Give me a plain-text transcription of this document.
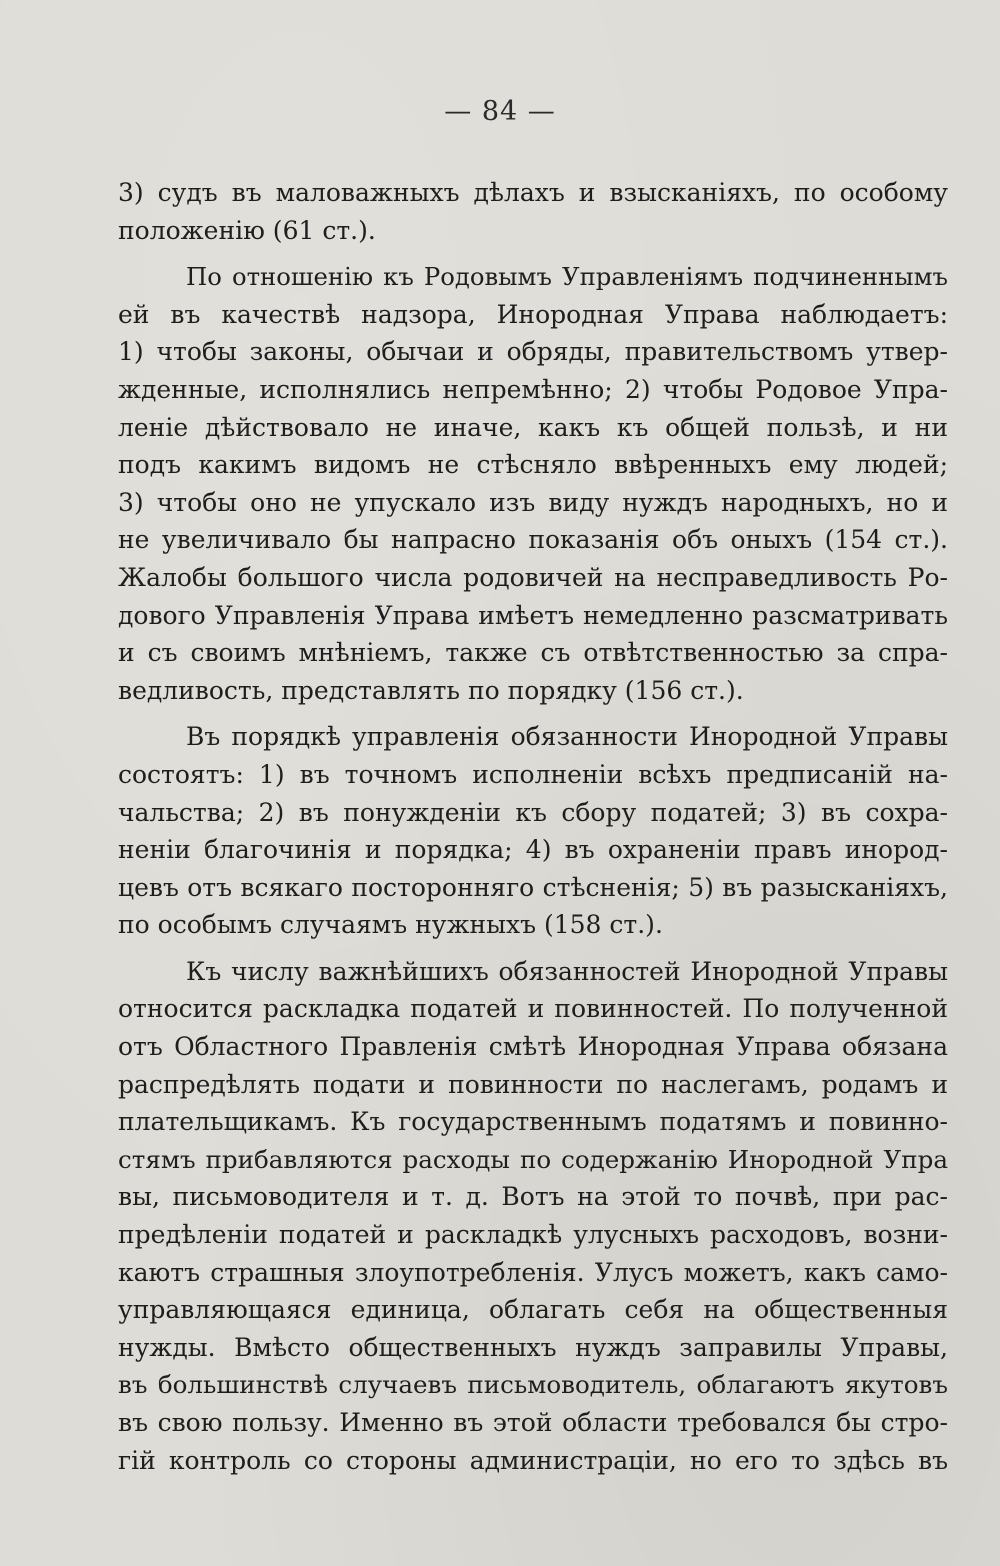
— 84 —
3) судъ въ маловажныхъ дѣлахъ и взысканiяхъ, по особому
положенiю (61 ст.).
По отношенiю къ Родовымъ Управленiямъ подчиненнымъ
ей въ качествѣ надзора, Инородная Управа наблюдаетъ:
1) чтобы законы, обычаи и обряды, правительствомъ утвер-
жденные, исполнялись непремѣнно; 2) чтобы Родовое Упра-
ленiе дѣйствовало не иначе, какъ къ общей пользѣ, и ни
подъ какимъ видомъ не стѣсняло ввѣренныхъ ему людей;
3) чтобы оно не упускало изъ виду нуждъ народныхъ, но и
не увеличивало бы напрасно показанiя объ оныхъ (154 ст.).
Жалобы большого числа родовичей на несправедливость Ро-
дового Управленiя Управа имѣетъ немедленно разсматривать
и съ своимъ мнѣнiемъ, также съ отвѣтственностью за спра-
ведливость, представлять по порядку (156 ст.).
Въ порядкѣ управленiя обязанности Инородной Управы
состоятъ: 1) въ точномъ исполненiи всѣхъ предписанiй на-
чальства; 2) въ понужденiи къ сбору податей; 3) въ сохра-
ненiи благочинiя и порядка; 4) въ охраненiи правъ инород-
цевъ отъ всякаго посторонняго стѣсненiя; 5) въ разысканiяхъ,
по особымъ случаямъ нужныхъ (158 ст.).
Къ числу важнѣйшихъ обязанностей Инородной Управы
относится раскладка податей и повинностей. По полученной
отъ Областного Правленiя смѣтѣ Инородная Управа обязана
распредѣлять подати и повинности по наслегамъ, родамъ и
плательщикамъ. Къ государственнымъ податямъ и повинно-
стямъ прибавляются расходы по содержанiю Инородной Упра
вы, письмоводителя и т. д. Вотъ на этой то почвѣ, при рас-
предѣленiи податей и раскладкѣ улусныхъ расходовъ, возни-
каютъ страшныя злоупотребленiя. Улусъ можетъ, какъ само-
управляющаяся единица, облагать себя на общественныя
нужды. Вмѣсто общественныхъ нуждъ заправилы Управы,
въ большинствѣ случаевъ письмоводитель, облагаютъ якутовъ
въ свою пользу. Именно въ этой области требовался бы стро-
гiй контроль со стороны администрацiи, но его то здѣсь въ
